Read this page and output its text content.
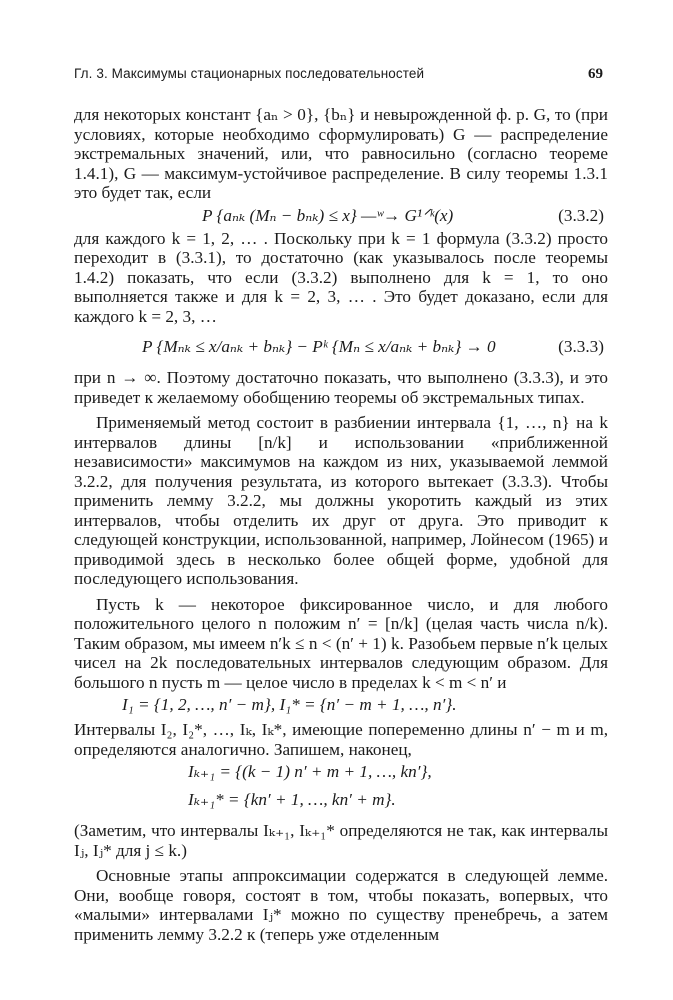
Гл. 3. Максимумы стационарных последовательностей	69

для некоторых констант {aₙ > 0}, {bₙ} и невырожденной ф. р. G, то (при условиях, которые необходимо сформулировать) G — распределение экстремальных значений, или, что равносильно (согласно теореме 1.4.1), G — максимум-устойчивое распределение. В силу теоремы 1.3.1 это будет так, если

P {aₙₖ (Mₙ − bₙₖ) ≤ x} —ʷ→ G¹ᐟᵏ(x)	(3.3.2)

для каждого k = 1, 2, … . Поскольку при k = 1 формула (3.3.2) просто переходит в (3.3.1), то достаточно (как указывалось после теоремы 1.4.2) показать, что если (3.3.2) выполнено для k = 1, то оно выполняется также и для k = 2, 3, … . Это будет доказано, если для каждого k = 2, 3, …

P {Mₙₖ ≤ x/aₙₖ + bₙₖ} − Pᵏ {Mₙ ≤ x/aₙₖ + bₙₖ} → 0	(3.3.3)

при n → ∞. Поэтому достаточно показать, что выполнено (3.3.3), и это приведет к желаемому обобщению теоремы об экстремальных типах.

Применяемый метод состоит в разбиении интервала {1, …, n} на k интервалов длины [n/k] и использовании «приближенной независимости» максимумов на каждом из них, указываемой леммой 3.2.2, для получения результата, из которого вытекает (3.3.3). Чтобы применить лемму 3.2.2, мы должны укоротить каждый из этих интервалов, чтобы отделить их друг от друга. Это приводит к следующей конструкции, использованной, например, Лойнесом (1965) и приводимой здесь в несколько более общей форме, удобной для последующего использования.

Пусть k — некоторое фиксированное число, и для любого положительного целого n положим n′ = [n/k] (целая часть числа n/k). Таким образом, мы имеем n′k ≤ n < (n′ + 1) k. Разобьем первые n′k целых чисел на 2k последовательных интервалов следующим образом. Для большого n пусть m — целое число в пределах k < m < n′ и

I₁ = {1, 2, …, n′ − m}, I₁* = {n′ − m + 1, …, n′}.

Интервалы I₂, I₂*, …, Iₖ, Iₖ*, имеющие попеременно длины n′ − m и m, определяются аналогично. Запишем, наконец,

Iₖ₊₁ = {(k − 1) n′ + m + 1, …, kn′},
Iₖ₊₁* = {kn′ + 1, …, kn′ + m}.

(Заметим, что интервалы Iₖ₊₁, Iₖ₊₁* определяются не так, как интервалы Iⱼ, Iⱼ* для j ≤ k.)

Основные этапы аппроксимации содержатся в следующей лемме. Они, вообще говоря, состоят в том, чтобы показать, вопервых, что «малыми» интервалами Iⱼ* можно по существу пренебречь, а затем применить лемму 3.2.2 к (теперь уже отделенным
